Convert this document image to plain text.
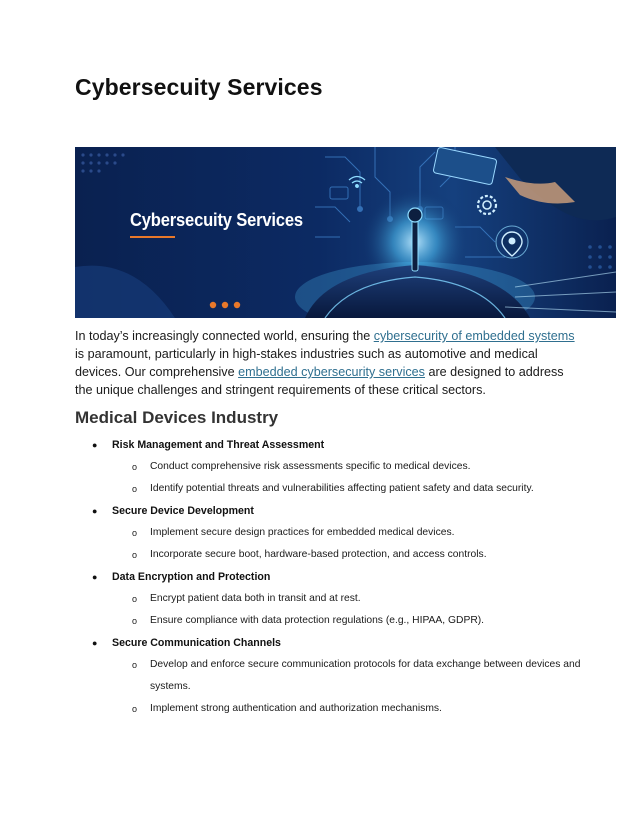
Cybersecuity Services
Cybersecuity Services

In today’s increasingly connected world, ensuring the cybersecurity of embedded systems is paramount, particularly in high-stakes industries such as automotive and medical devices. Our comprehensive embedded cybersecurity services are designed to address the unique challenges and stringent requirements of these critical sectors.

Medical Devices Industry
● Risk Management and Threat Assessment
o Conduct comprehensive risk assessments specific to medical devices.
o Identify potential threats and vulnerabilities affecting patient safety and data security.
● Secure Device Development
o Implement secure design practices for embedded medical devices.
o Incorporate secure boot, hardware-based protection, and access controls.
● Data Encryption and Protection
o Encrypt patient data both in transit and at rest.
o Ensure compliance with data protection regulations (e.g., HIPAA, GDPR).
● Secure Communication Channels
o Develop and enforce secure communication protocols for data exchange between devices and systems.
o Implement strong authentication and authorization mechanisms.
